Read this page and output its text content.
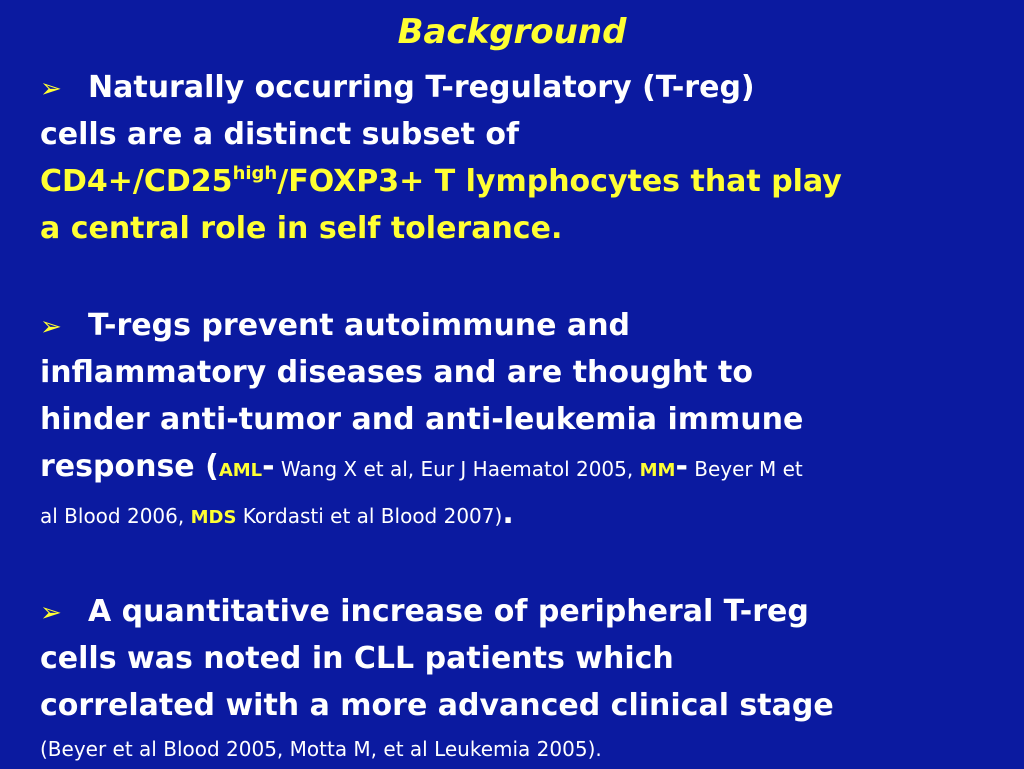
Background
➢ Naturally occurring T-regulatory (T-reg)
cells are a distinct subset of
$CD4+/CD25^{high}/FOXP3+ T$ lymphocytes that play
a central role in self tolerance.
➢ T-regs prevent autoimmune and
inflammatory diseases and are thought to
hinder anti-tumor and anti-leukemia immune
response (AML- Wang X et al, Eur J Haematol 2005, MM- Beyer M et
al Blood 2006, MDS Kordasti et al Blood 2007).
➢ A quantitative increase of peripheral T-reg
cells was noted in CLL patients which
correlated with a more advanced clinical stage
(Beyer et al Blood 2005, Motta M, et al Leukemia 2005).
